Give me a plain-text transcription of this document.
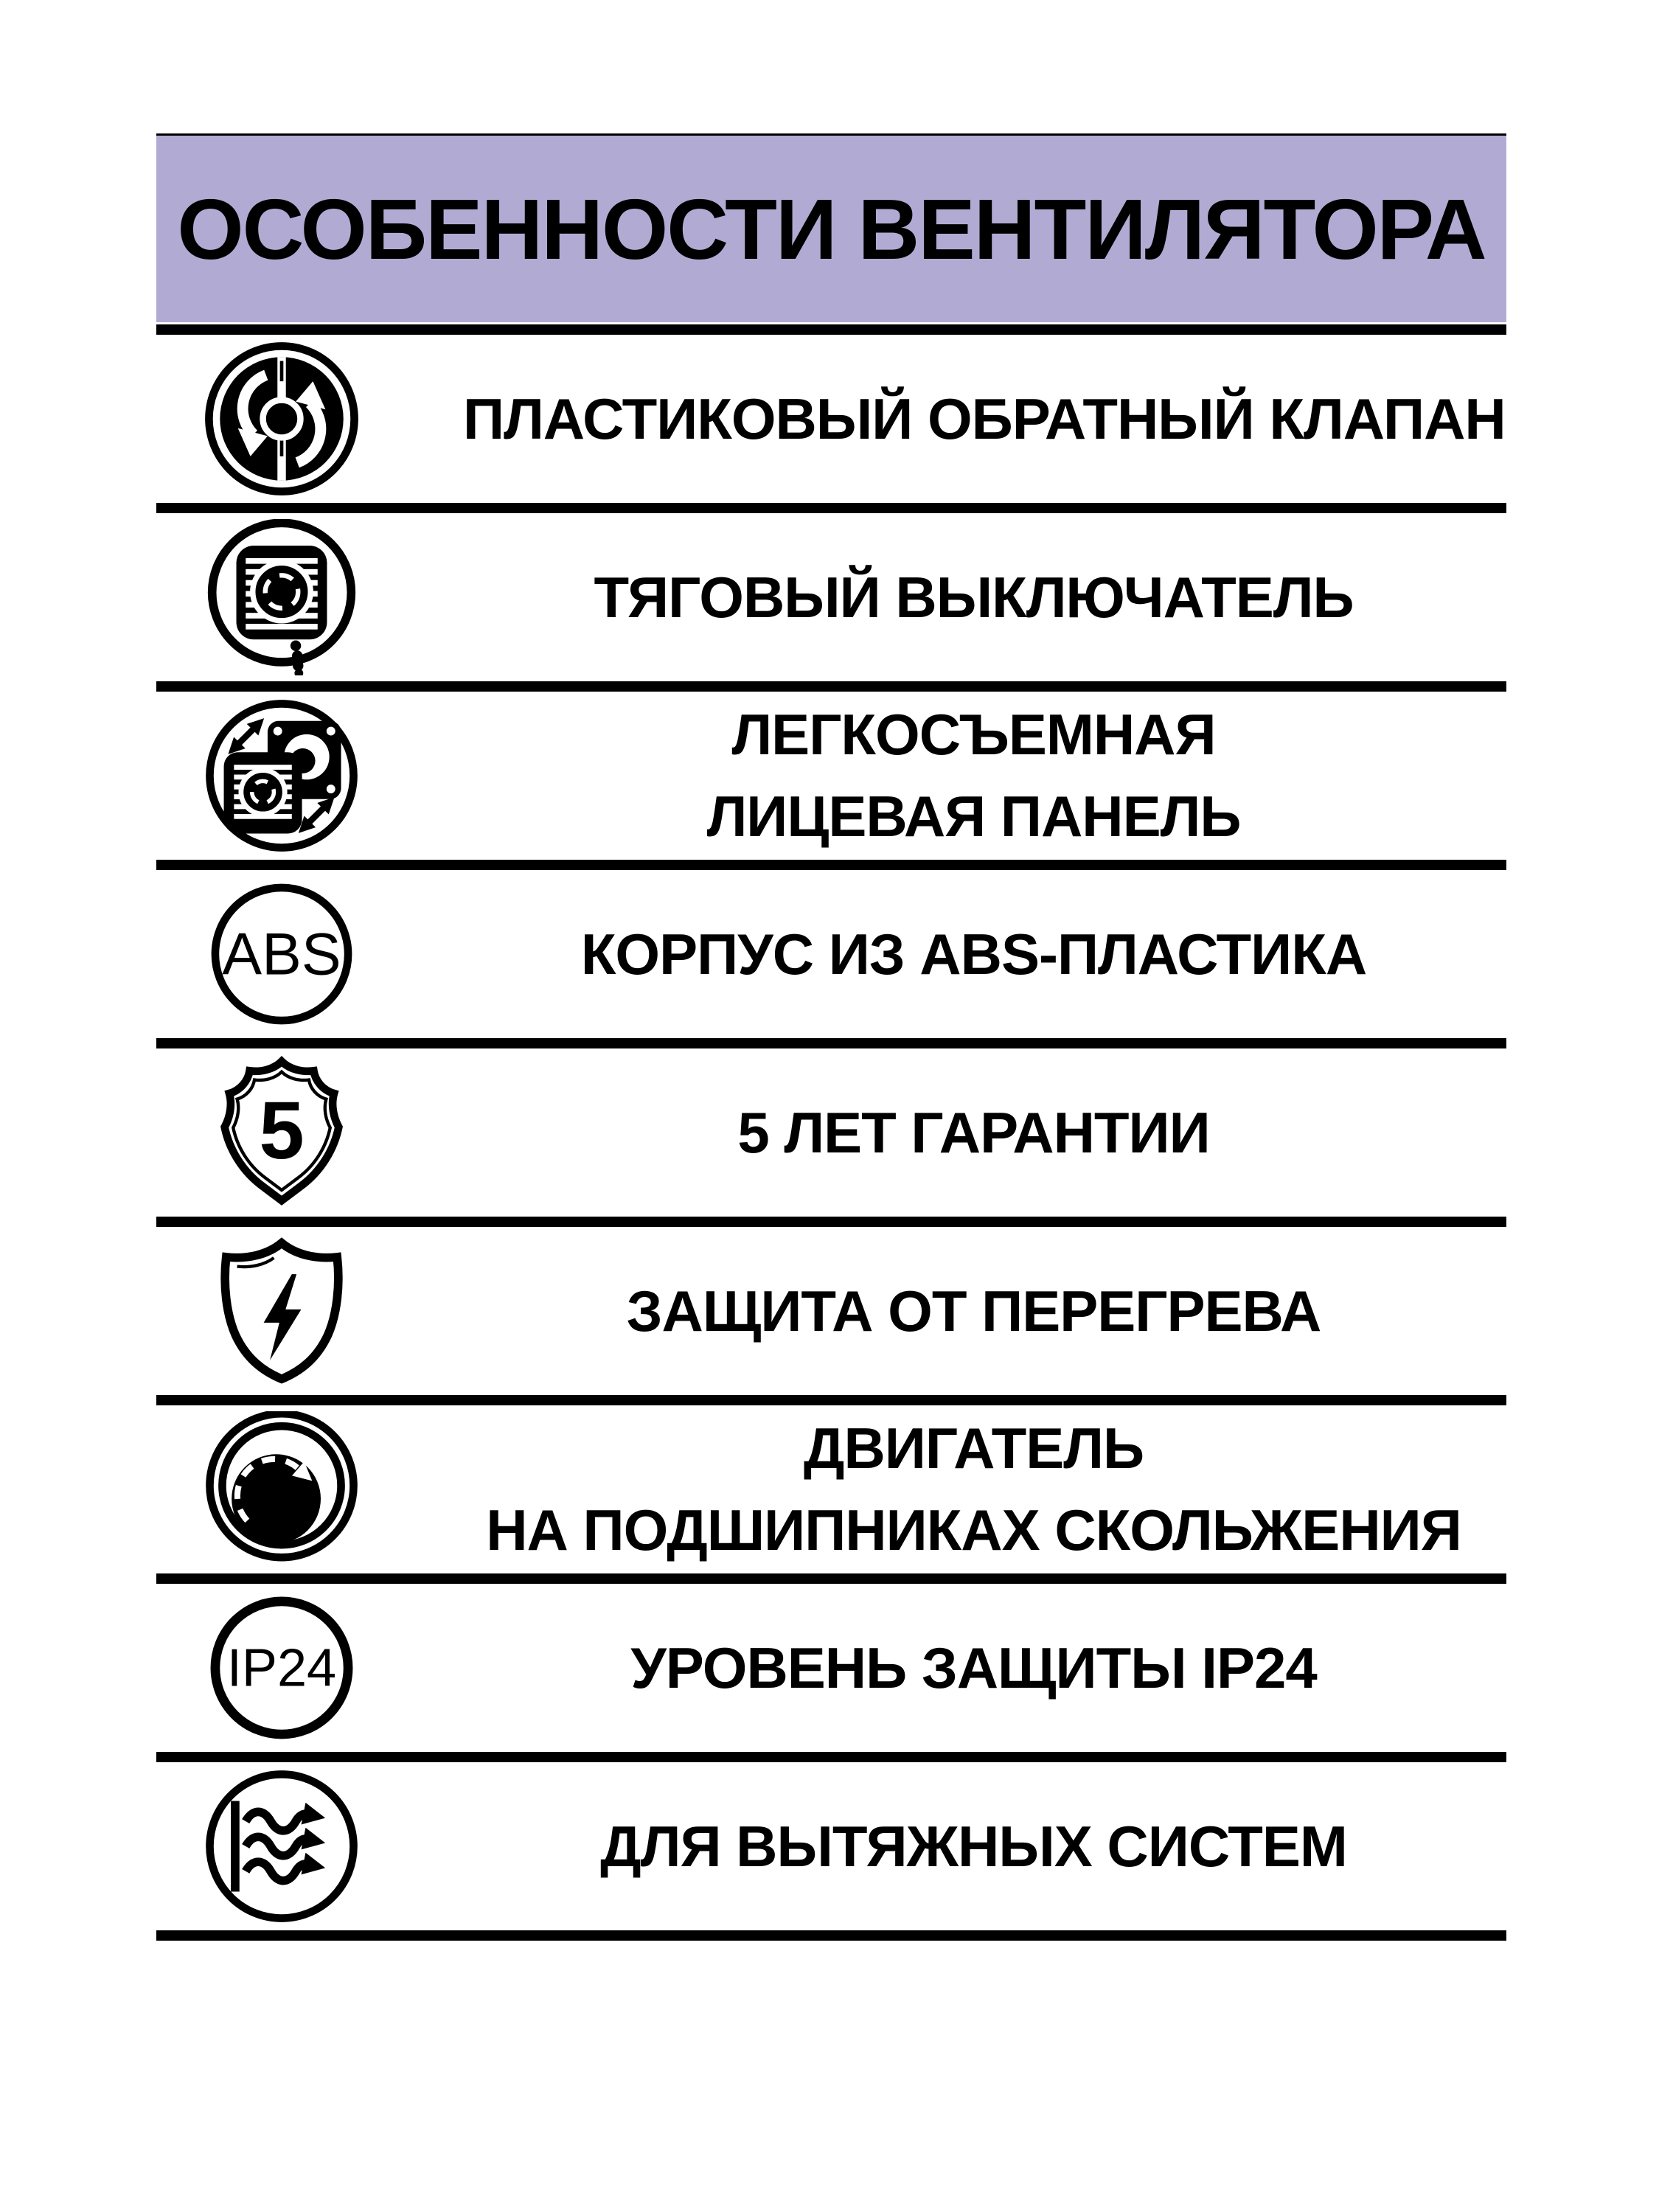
ОСОБЕННОСТИ ВЕНТИЛЯТОРА
ПЛАСТИКОВЫЙ ОБРАТНЫЙ КЛАПАН
ТЯГОВЫЙ ВЫКЛЮЧАТЕЛЬ
ЛЕГКОСЪЕМНАЯ
ЛИЦЕВАЯ ПАНЕЛЬ
ABS	КОРПУС ИЗ ABS-ПЛАСТИКА
5	5 ЛЕТ ГАРАНТИИ
ЗАЩИТА ОТ ПЕРЕГРЕВА
ДВИГАТЕЛЬ
НА ПОДШИПНИКАХ СКОЛЬЖЕНИЯ
IP24	УРОВЕНЬ ЗАЩИТЫ IP24
ДЛЯ ВЫТЯЖНЫХ СИСТЕМ
